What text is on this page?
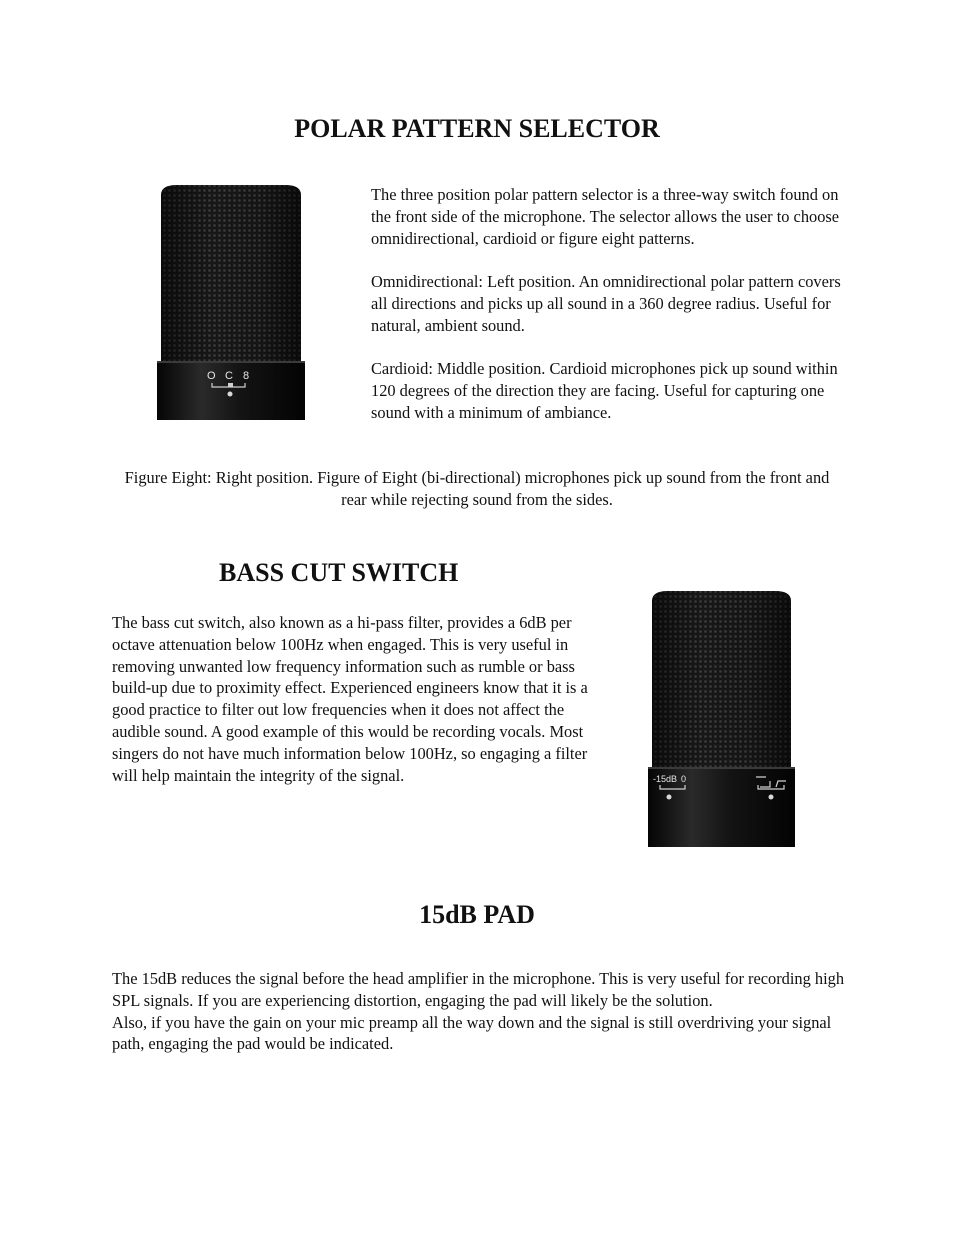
POLAR PATTERN SELECTOR
O C 8
The three position polar pattern selector is a three-way switch found on the front side of the microphone. The selector allows the user to choose omnidirectional, cardioid or figure eight patterns.
Omnidirectional: Left position. An omnidirectional polar pattern covers all directions and picks up all sound in a 360 degree radius. Useful for natural, ambient sound.
Cardioid: Middle position. Cardioid microphones pick up sound within 120 degrees of the direction they are facing. Useful for capturing one sound with a minimum of ambiance.
Figure Eight: Right position. Figure of Eight (bi-directional) microphones pick up sound from the front and rear while rejecting sound from the sides.
BASS CUT SWITCH
The bass cut switch, also known as a hi-pass filter, provides a 6dB per octave attenuation below 100Hz when engaged. This is very useful in removing unwanted low frequency information such as rumble or bass build-up due to proximity effect. Experienced engineers know that it is a good practice to filter out low frequencies when it does not affect the audible sound. A good example of this would be recording vocals. Most singers do not have much information below 100Hz, so engaging a filter will help maintain the integrity of the signal.	-15dB 0
15dB PAD
The 15dB reduces the signal before the head amplifier in the microphone. This is very useful for recording high SPL signals. If you are experiencing distortion, engaging the pad will likely be the solution.
Also, if you have the gain on your mic preamp all the way down and the signal is still overdriving your signal path, engaging the pad would be indicated.
